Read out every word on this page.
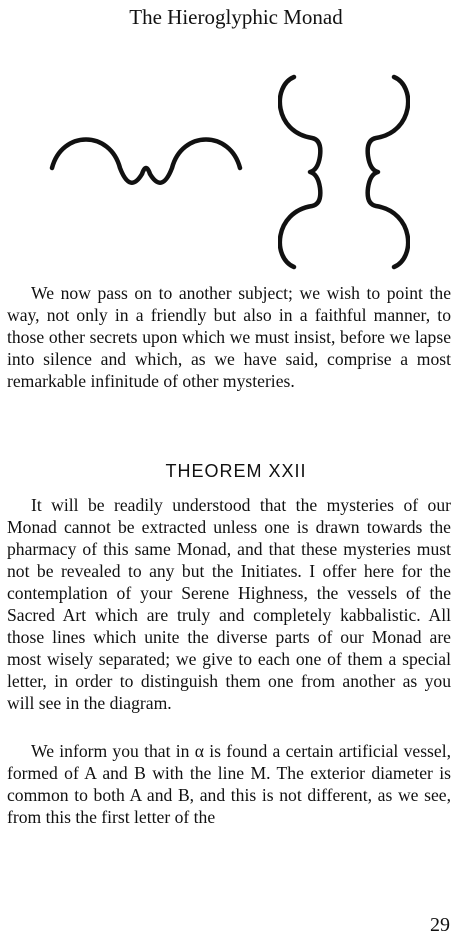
The Hieroglyphic Monad

We now pass on to another subject; we wish to point the way, not only in a friendly but also in a faithful manner, to those other secrets upon which we must insist, before we lapse into silence and which, as we have said, comprise a most remarkable infinitude of other mysteries.

THEOREM XXII

It will be readily understood that the mysteries of our Monad cannot be extracted unless one is drawn towards the pharmacy of this same Monad, and that these mysteries must not be revealed to any but the Initiates. I offer here for the contemplation of your Serene Highness, the vessels of the Sacred Art which are truly and completely kabbalistic. All those lines which unite the diverse parts of our Monad are most wisely separated; we give to each one of them a special letter, in order to distinguish them one from another as you will see in the diagram.

We inform you that in α is found a certain artificial vessel, formed of A and B with the line M. The exterior diameter is common to both A and B, and this is not different, as we see, from this the first letter of the

29
